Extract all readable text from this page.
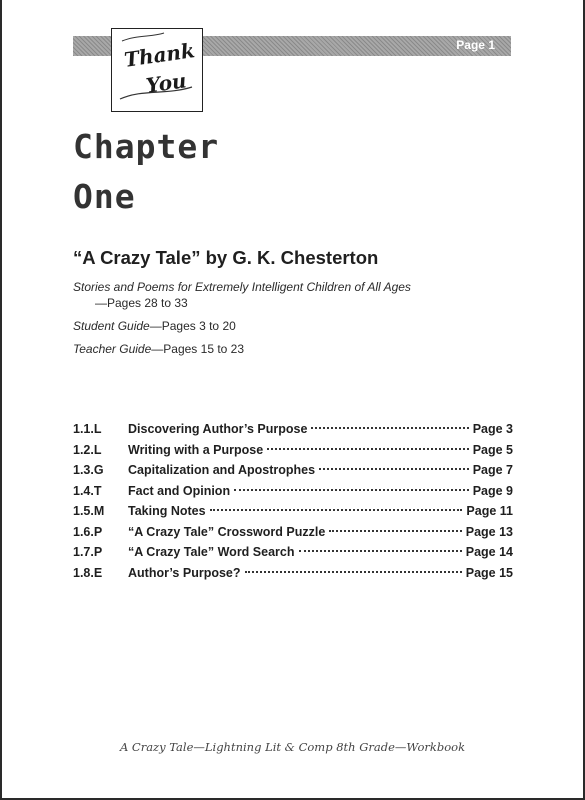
Page 1
Thank
You
Chapter
One
“A Crazy Tale” by G. K. Chesterton
Stories and Poems for Extremely Intelligent Children of All Ages
—Pages 28 to 33
Student Guide—Pages 3 to 20
Teacher Guide—Pages 15 to 23
1.1.L	Discovering Author’s Purpose	Page 3
1.2.L	Writing with a Purpose	Page 5
1.3.G	Capitalization and Apostrophes	Page 7
1.4.T	Fact and Opinion	Page 9
1.5.M	Taking Notes	Page 11
1.6.P	“A Crazy Tale” Crossword Puzzle	Page 13
1.7.P	“A Crazy Tale” Word Search	Page 14
1.8.E	Author’s Purpose?	Page 15
A Crazy Tale—Lightning Lit & Comp 8th Grade—Workbook
